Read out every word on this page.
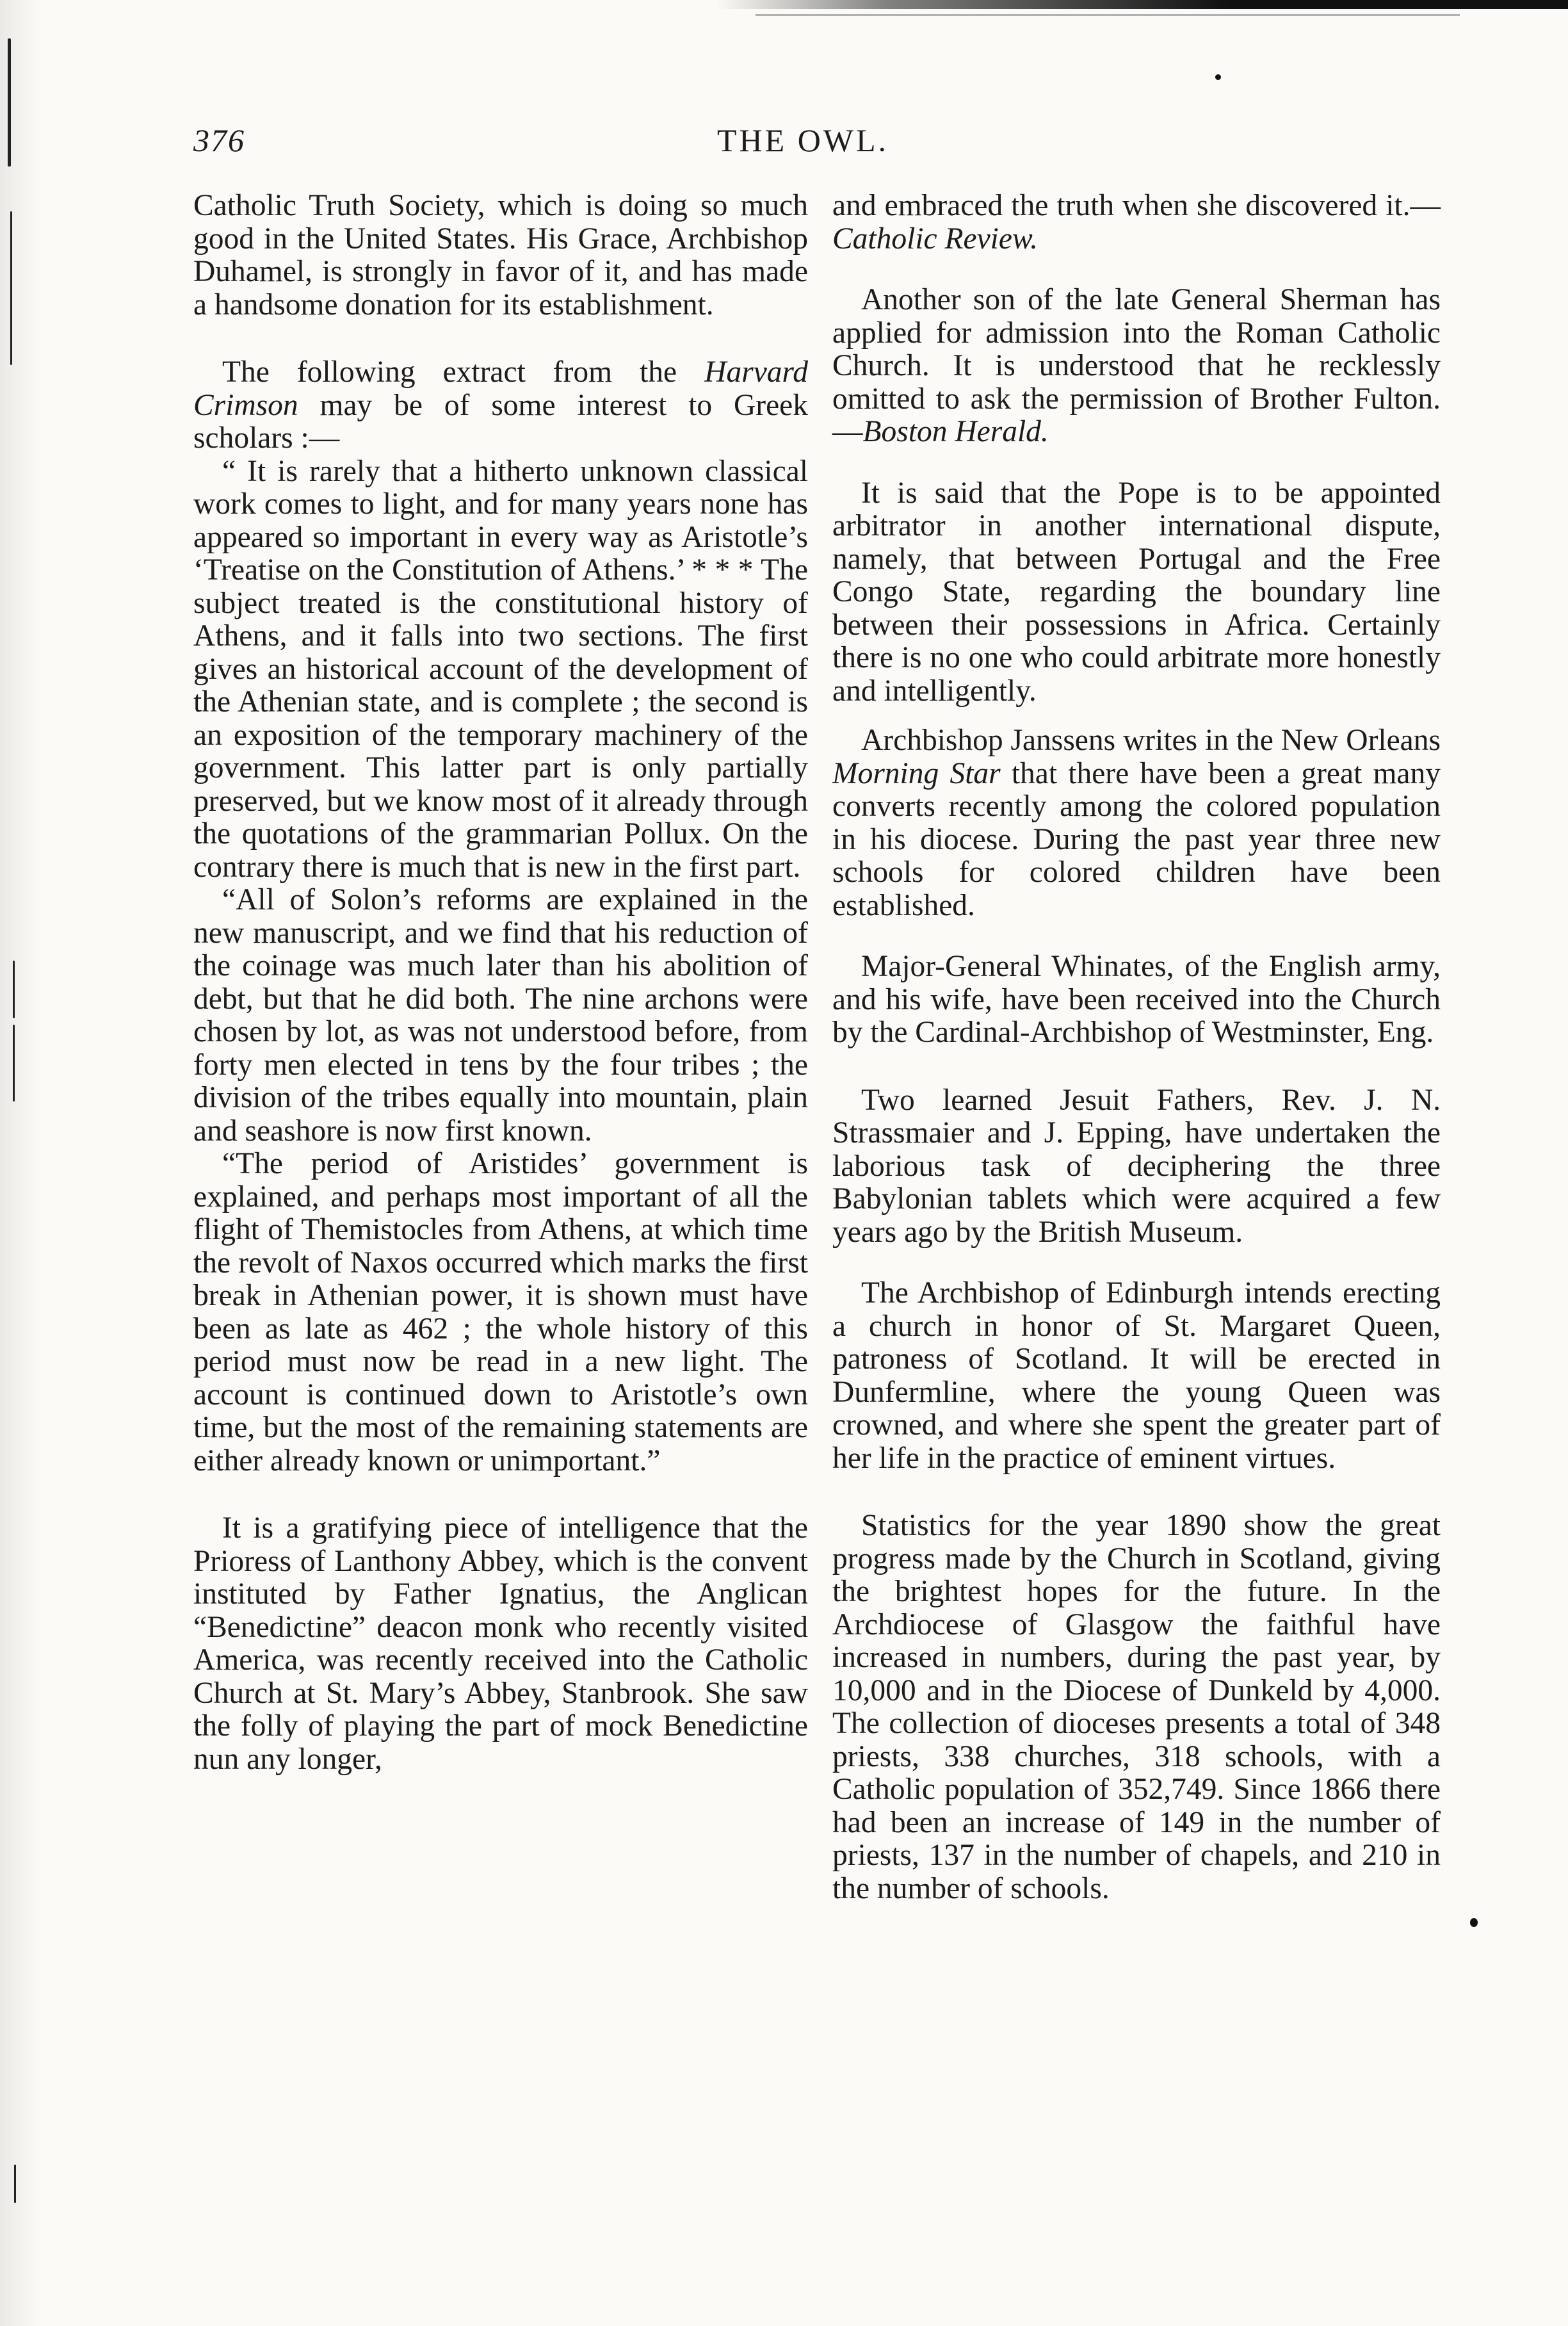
376	THE OWL.

Catholic Truth Society, which is doing so much good in the United States. His Grace, Archbishop Duhamel, is strongly in favor of it, and has made a handsome donation for its establishment.

The following extract from the Harvard Crimson may be of some interest to Greek scholars :—

“ It is rarely that a hitherto unknown classical work comes to light, and for many years none has appeared so important in every way as Aristotle’s ‘Treatise on the Constitution of Athens.’ * * * The subject treated is the constitutional history of Athens, and it falls into two sections. The first gives an historical account of the development of the Athenian state, and is complete ; the second is an exposition of the temporary machinery of the government. This latter part is only partially preserved, but we know most of it already through the quotations of the grammarian Pollux. On the contrary there is much that is new in the first part.

“All of Solon’s reforms are explained in the new manuscript, and we find that his reduction of the coinage was much later than his abolition of debt, but that he did both. The nine archons were chosen by lot, as was not understood before, from forty men elected in tens by the four tribes ; the division of the tribes equally into mountain, plain and seashore is now first known.

“The period of Aristides’ government is explained, and perhaps most important of all the flight of Themistocles from Athens, at which time the revolt of Naxos occurred which marks the first break in Athenian power, it is shown must have been as late as 462 ; the whole history of this period must now be read in a new light. The account is continued down to Aristotle’s own time, but the most of the remaining statements are either already known or unimportant.”

It is a gratifying piece of intelligence that the Prioress of Lanthony Abbey, which is the convent instituted by Father Ignatius, the Anglican “Benedictine” deacon monk who recently visited America, was recently received into the Catholic Church at St. Mary’s Abbey, Stanbrook. She saw the folly of playing the part of mock Benedictine nun any longer,

and embraced the truth when she discovered it.—Catholic Review.

Another son of the late General Sherman has applied for admission into the Roman Catholic Church. It is understood that he recklessly omitted to ask the permission of Brother Fulton.—Boston Herald.

It is said that the Pope is to be appointed arbitrator in another international dispute, namely, that between Portugal and the Free Congo State, regarding the boundary line between their possessions in Africa. Certainly there is no one who could arbitrate more honestly and intelligently.

Archbishop Janssens writes in the New Orleans Morning Star that there have been a great many converts recently among the colored population in his diocese. During the past year three new schools for colored children have been established.

Major-General Whinates, of the English army, and his wife, have been received into the Church by the Cardinal-Archbishop of Westminster, Eng.

Two learned Jesuit Fathers, Rev. J. N. Strassmaier and J. Epping, have undertaken the laborious task of deciphering the three Babylonian tablets which were acquired a few years ago by the British Museum.

The Archbishop of Edinburgh intends erecting a church in honor of St. Margaret Queen, patroness of Scotland. It will be erected in Dunfermline, where the young Queen was crowned, and where she spent the greater part of her life in the practice of eminent virtues.

Statistics for the year 1890 show the great progress made by the Church in Scotland, giving the brightest hopes for the future. In the Archdiocese of Glasgow the faithful have increased in numbers, during the past year, by 10,000 and in the Diocese of Dunkeld by 4,000. The collection of dioceses presents a total of 348 priests, 338 churches, 318 schools, with a Catholic population of 352,749. Since 1866 there had been an increase of 149 in the number of priests, 137 in the number of chapels, and 210 in the number of schools.
